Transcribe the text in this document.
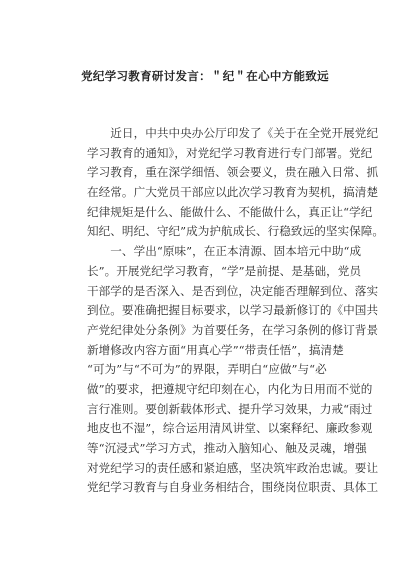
党纪学习教育研讨发言：＂纪＂在心中方能致远
　　近日，中共中央办公厅印发了《关于在全党开展党纪
学习教育的通知》，对党纪学习教育进行专门部署。党纪
学习教育，重在深学细悟、领会要义，贵在融入日常、抓
在经常。广大党员干部应以此次学习教育为契机，搞清楚
纪律规矩是什么、能做什么、不能做什么，真正让“学纪
知纪、明纪、守纪”成为护航成长、行稳致远的坚实保障。
　　一、学出“原味”，在正本清源、固本培元中助“成
长”。开展党纪学习教育，“学”是前提、是基础，党员
干部学的是否深入、是否到位，决定能否理解到位、落实
到位。要准确把握目标要求，以学习最新修订的《中国共
产党纪律处分条例》为首要任务，在学习条例的修订背景
新增修改内容方面“用真心学”“带责任悟”，搞清楚
“可为”与“不可为”的界限，弄明白“应做”与“必
做”的要求，把遵规守纪印刻在心，内化为日用而不觉的
言行准则。要创新载体形式、提升学习效果，力戒“雨过
地皮也不湿”，综合运用清风讲堂、以案释纪、廉政参观
等“沉浸式”学习方式，推动入脑知心、触及灵魂，增强
对党纪学习的责任感和紧迫感，坚决筑牢政治忠诚。要让
党纪学习教育与自身业务相结合，围绕岗位职责、具体工
